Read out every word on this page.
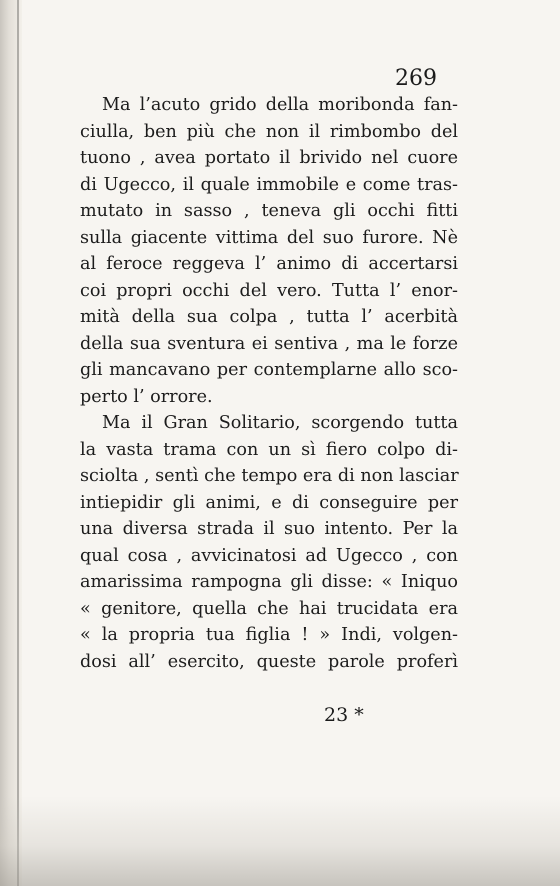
269
Ma l’acuto grido della moribonda fan-
ciulla, ben più che non il rimbombo del
tuono , avea portato il brivido nel cuore
di Ugecco, il quale immobile e come tras-
mutato in sasso , teneva gli occhi fitti
sulla giacente vittima del suo furore. Nè
al feroce reggeva l’ animo di accertarsi
coi propri occhi del vero. Tutta l’ enor-
mità della sua colpa , tutta l’ acerbità
della sua sventura ei sentiva , ma le forze
gli mancavano per contemplarne allo sco-
perto l’ orrore.
Ma il Gran Solitario, scorgendo tutta
la vasta trama con un sì fiero colpo di-
sciolta , sentì che tempo era di non lasciar
intiepidir gli animi, e di conseguire per
una diversa strada il suo intento. Per la
qual cosa , avvicinatosi ad Ugecco , con
amarissima rampogna gli disse: « Iniquo
« genitore, quella che hai trucidata era
« la propria tua figlia ! » Indi, volgen-
dosi all’ esercito, queste parole proferì
23 *
